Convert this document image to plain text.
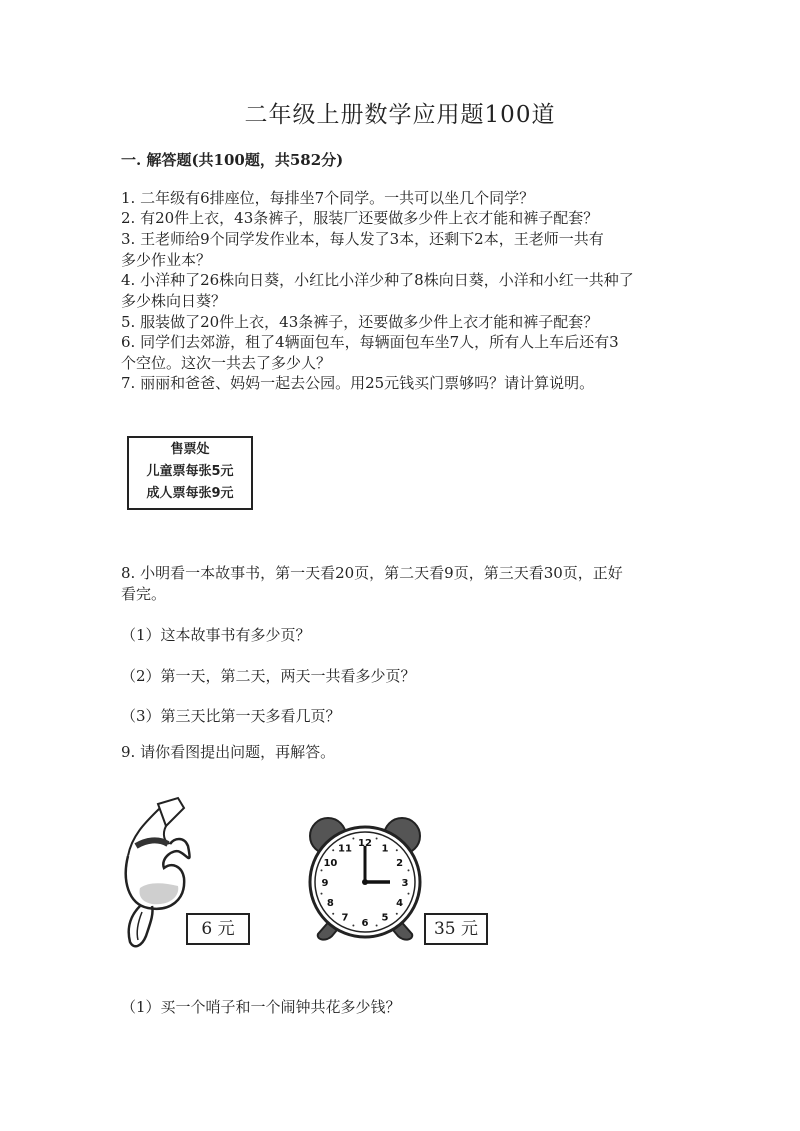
二年级上册数学应用题100道
一. 解答题(共100题，共582分)
1. 二年级有6排座位，每排坐7个同学。一共可以坐几个同学？
2. 有20件上衣，43条裤子，服装厂还要做多少件上衣才能和裤子配套？
3. 王老师给9个同学发作业本，每人发了3本，还剩下2本，王老师一共有
多少作业本？
4. 小洋种了26株向日葵，小红比小洋少种了8株向日葵，小洋和小红一共种了
多少株向日葵？
5. 服装做了20件上衣，43条裤子，还要做多少件上衣才能和裤子配套？
6. 同学们去郊游，租了4辆面包车，每辆面包车坐7人，所有人上车后还有3
个空位。这次一共去了多少人？
7. 丽丽和爸爸、妈妈一起去公园。用25元钱买门票够吗？请计算说明。
售票处
儿童票每张5元
成人票每张9元
8. 小明看一本故事书，第一天看20页，第二天看9页，第三天看30页，正好
看完。
（1）这本故事书有多少页？
（2）第一天，第二天，两天一共看多少页？
（3）第三天比第一天多看几页？
9. 请你看图提出问题，再解答。
6 元
12 1
2
3
4
5
6
7
8
9
10
11
35 元
（1）买一个哨子和一个闹钟共花多少钱？
